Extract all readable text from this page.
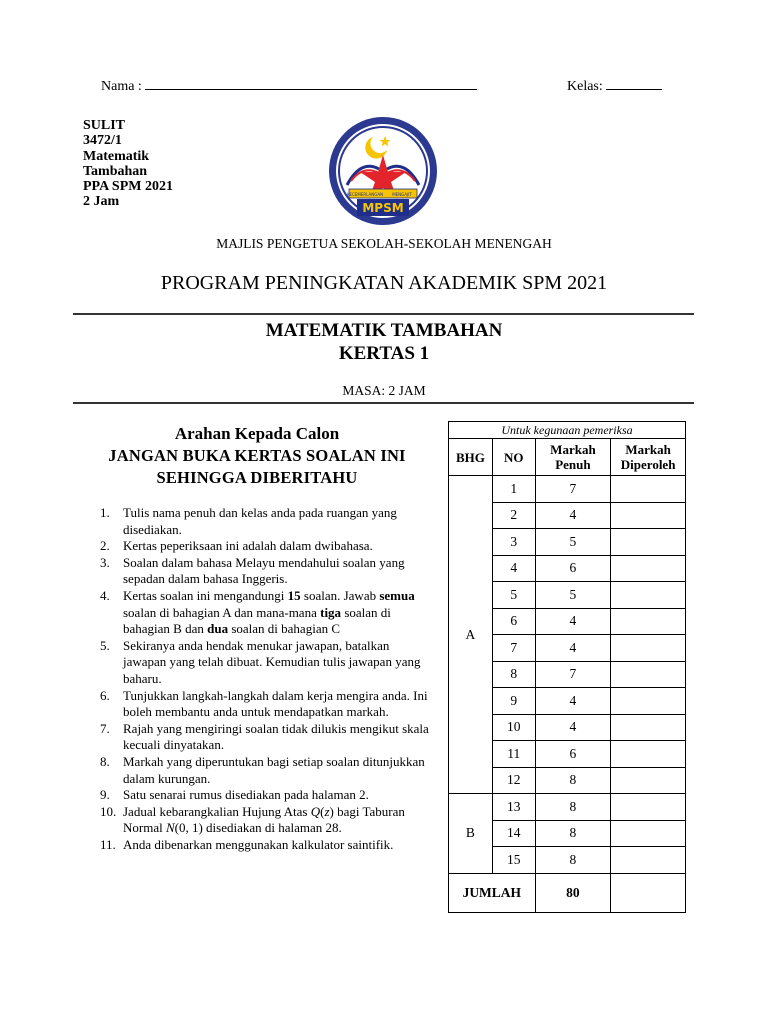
Nama :	Kelas:
SULIT
3472/1
Matematik
Tambahan
PPA SPM 2021
2 Jam	KECEMERLANGAN MENGAJIT
MPSM
MAJLIS PENGETUA SEKOLAH-SEKOLAH MENENGAH
PROGRAM PENINGKATAN AKADEMIK SPM 2021
MATEMATIK TAMBAHAN
KERTAS 1
MASA: 2 JAM
Arahan Kepada Calon
JANGAN BUKA KERTAS SOALAN INI
SEHINGGA DIBERITAHU
1.	Tulis nama penuh dan kelas anda pada ruangan yang disediakan.
2.	Kertas peperiksaan ini adalah dalam dwibahasa.
3.	Soalan dalam bahasa Melayu mendahului soalan yang sepadan dalam bahasa Inggeris.
4.	Kertas soalan ini mengandungi 15 soalan. Jawab semua soalan di bahagian A dan mana-mana tiga soalan di bahagian B dan dua soalan di bahagian C
5.	Sekiranya anda hendak menukar jawapan, batalkan jawapan yang telah dibuat. Kemudian tulis jawapan yang baharu.
6.	Tunjukkan langkah-langkah dalam kerja mengira anda. Ini boleh membantu anda untuk mendapatkan markah.
7.	Rajah yang mengiringi soalan tidak dilukis mengikut skala kecuali dinyatakan.
8.	Markah yang diperuntukan bagi setiap soalan ditunjukkan dalam kurungan.
9.	Satu senarai rumus disediakan pada halaman 2.
10. Jadual kebarangkalian Hujung Atas Q(z) bagi Taburan Normal N(0, 1) disediakan di halaman 28.
11. Anda dibenarkan menggunakan kalkulator saintifik.
Untuk kegunaan pemeriksa			
BHG	NO	Markah Penuh	Markah Diperoleh
A	1	7	
	2	4	
	3	5	
	4	6	
	5	5	
	6	4	
	7	4	
	8	7	
	9	4	
	10	4	
	11	6	
	12	8	
B	13	8	
	14	8	
	15	8	
JUMLAH		80	
